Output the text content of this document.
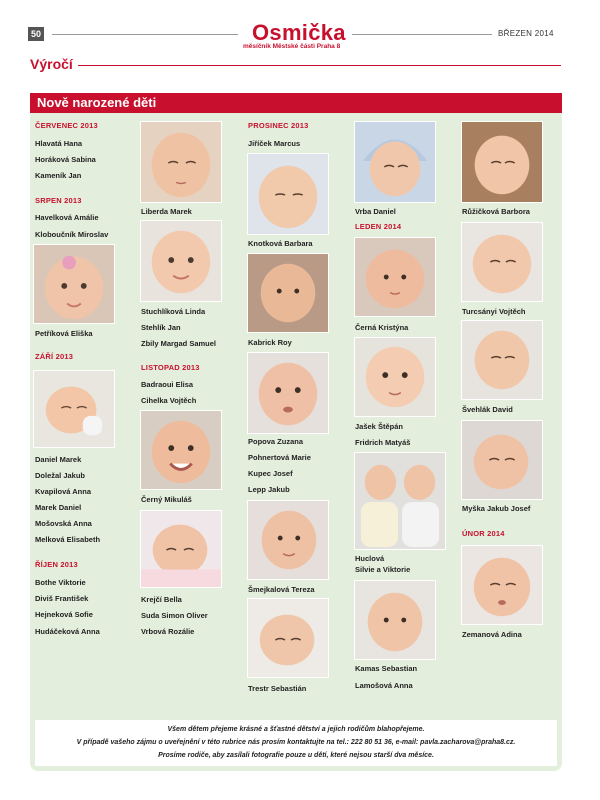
50	Osmička
měsíčník Městské části Praha 8
BŘEZEN 2014
Výročí
Nově narozené děti
ČERVENEC 2013
Hlavatá Hana
Horáková Sabina
Kameník Jan
SRPEN 2013
Havelková Amálie
Kloboučník Miroslav
Petříková Eliška
ZÁŘÍ 2013
Daniel Marek
Doležal Jakub
Kvapilová Anna
Marek Daniel
Mošovská Anna
Melková Elisabeth
ŘÍJEN 2013
Bothe Viktorie
Diviš František
Hejneková Sofie
Hudáčeková Anna
Liberda Marek
Stuchlíková Linda
Stehlík Jan
Zbily Margad Samuel
LISTOPAD 2013
Badraoui Elisa
Cihelka Vojtěch
Černý Mikuláš
Krejčí Bella
Suda Simon Oliver
Vrbová Rozálie
PROSINEC 2013
Jiříček Marcus
Knotková Barbara
Kabrick Roy
Popova Zuzana
Pohnertová Marie
Kupec Josef
Lepp Jakub
Šmejkalová Tereza
Trestr Sebastián
Vrba Daniel
LEDEN 2014
Černá Kristýna
Jašek Štěpán
Fridrich Matyáš
Huclová
Silvie a Viktorie
Kamas Sebastian
Lamošová Anna
Růžičková Barbora
Turcsányi Vojtěch
Švehlák David
Myška Jakub Josef
ÚNOR 2014
Zemanová Adina
Všem dětem přejeme krásné a šťastné dětství a jejich rodičům blahopřejeme.
V případě vašeho zájmu o uveřejnění v této rubrice nás prosím kontaktujte na tel.: 222 80 51 36, e-mail: pavla.zacharova@praha8.cz.
Prosíme rodiče, aby zasílali fotografie pouze u dětí, které nejsou starší dva měsíce.
